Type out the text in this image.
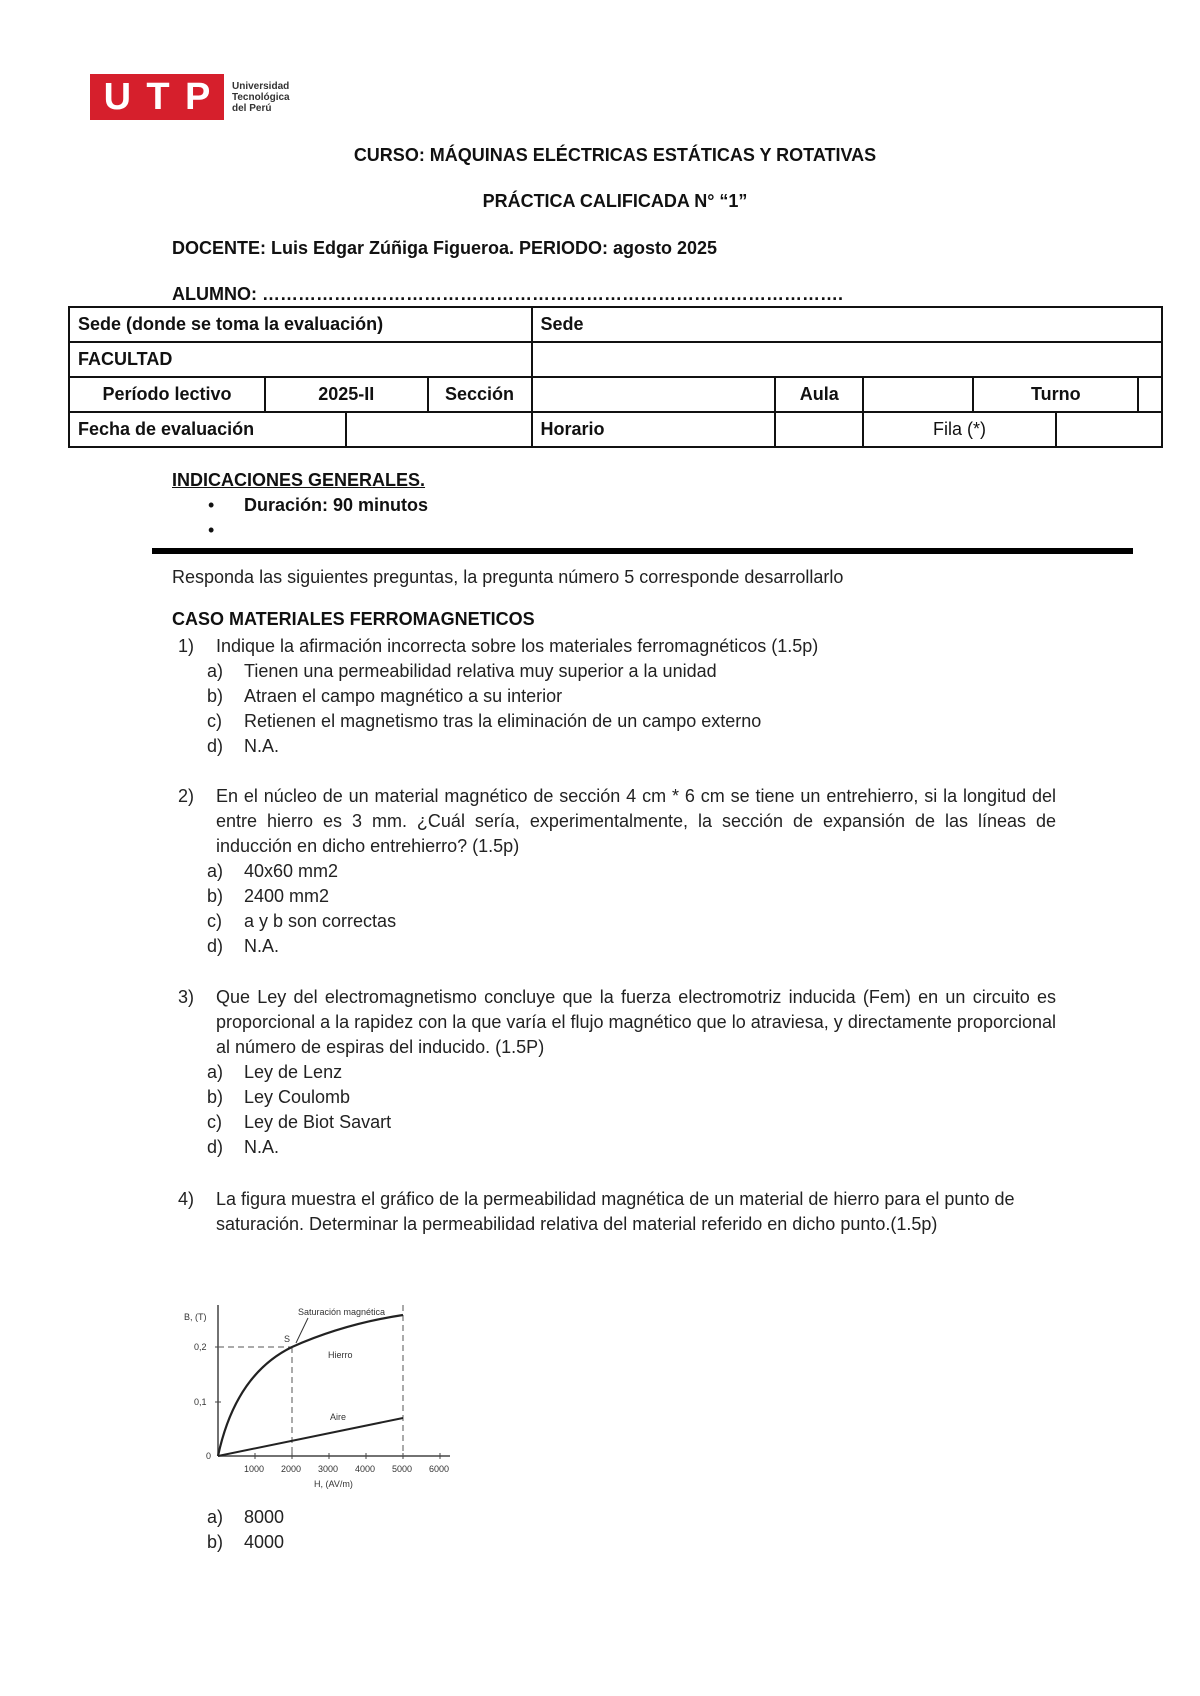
U T P Universidad
Tecnológica
del Perú
CURSO: MÁQUINAS ELÉCTRICAS ESTÁTICAS Y ROTATIVAS
PRÁCTICA CALIFICADA N° “1”
DOCENTE: Luis Edgar Zúñiga Figueroa. PERIODO: agosto 2025
ALUMNO: …………………………………………………………………………………….
Sede (donde se toma la evaluación)				Sede					
FACULTAD									
Período lectivo	2025-II		Sección		Aula		Turno		
Fecha de evaluación				Horario		Fila (*)			
INDICACIONES GENERALES.
• Duración: 90 minutos
•
Responda las siguientes preguntas, la pregunta número 5 corresponde desarrollarlo
CASO MATERIALES FERROMAGNETICOS
1) Indique la afirmación incorrecta sobre los materiales ferromagnéticos (1.5p)
a) Tienen una permeabilidad relativa muy superior a la unidad
b) Atraen el campo magnético a su interior
c) Retienen el magnetismo tras la eliminación de un campo externo
d) N.A.
2) En el núcleo de un material magnético de sección 4 cm * 6 cm se tiene un entrehierro, si la longitud del entre hierro es 3 mm. ¿Cuál sería, experimentalmente, la sección de expansión de las líneas de inducción en dicho entrehierro? (1.5p)
a) 40x60 mm2
b) 2400 mm2
c) a y b son correctas
d) N.A.
3) Que Ley del electromagnetismo concluye que la fuerza electromotriz inducida (Fem) en un circuito es proporcional a la rapidez con la que varía el flujo magnético que lo atraviesa, y directamente proporcional al número de espiras del inducido. (1.5P)
a) Ley de Lenz
b) Ley Coulomb
c) Ley de Biot Savart
d) N.A.
4) La figura muestra el gráfico de la permeabilidad magnética de un material de hierro para el punto de saturación. Determinar la permeabilidad relativa del material referido en dicho punto.(1.5p)
Saturación magnética
S
Hierro
Aire
B, (T)
0,2
0,1
0
1000 2000 3000 4000 5000 6000
H, (AV/m)
a) 8000
b) 4000
